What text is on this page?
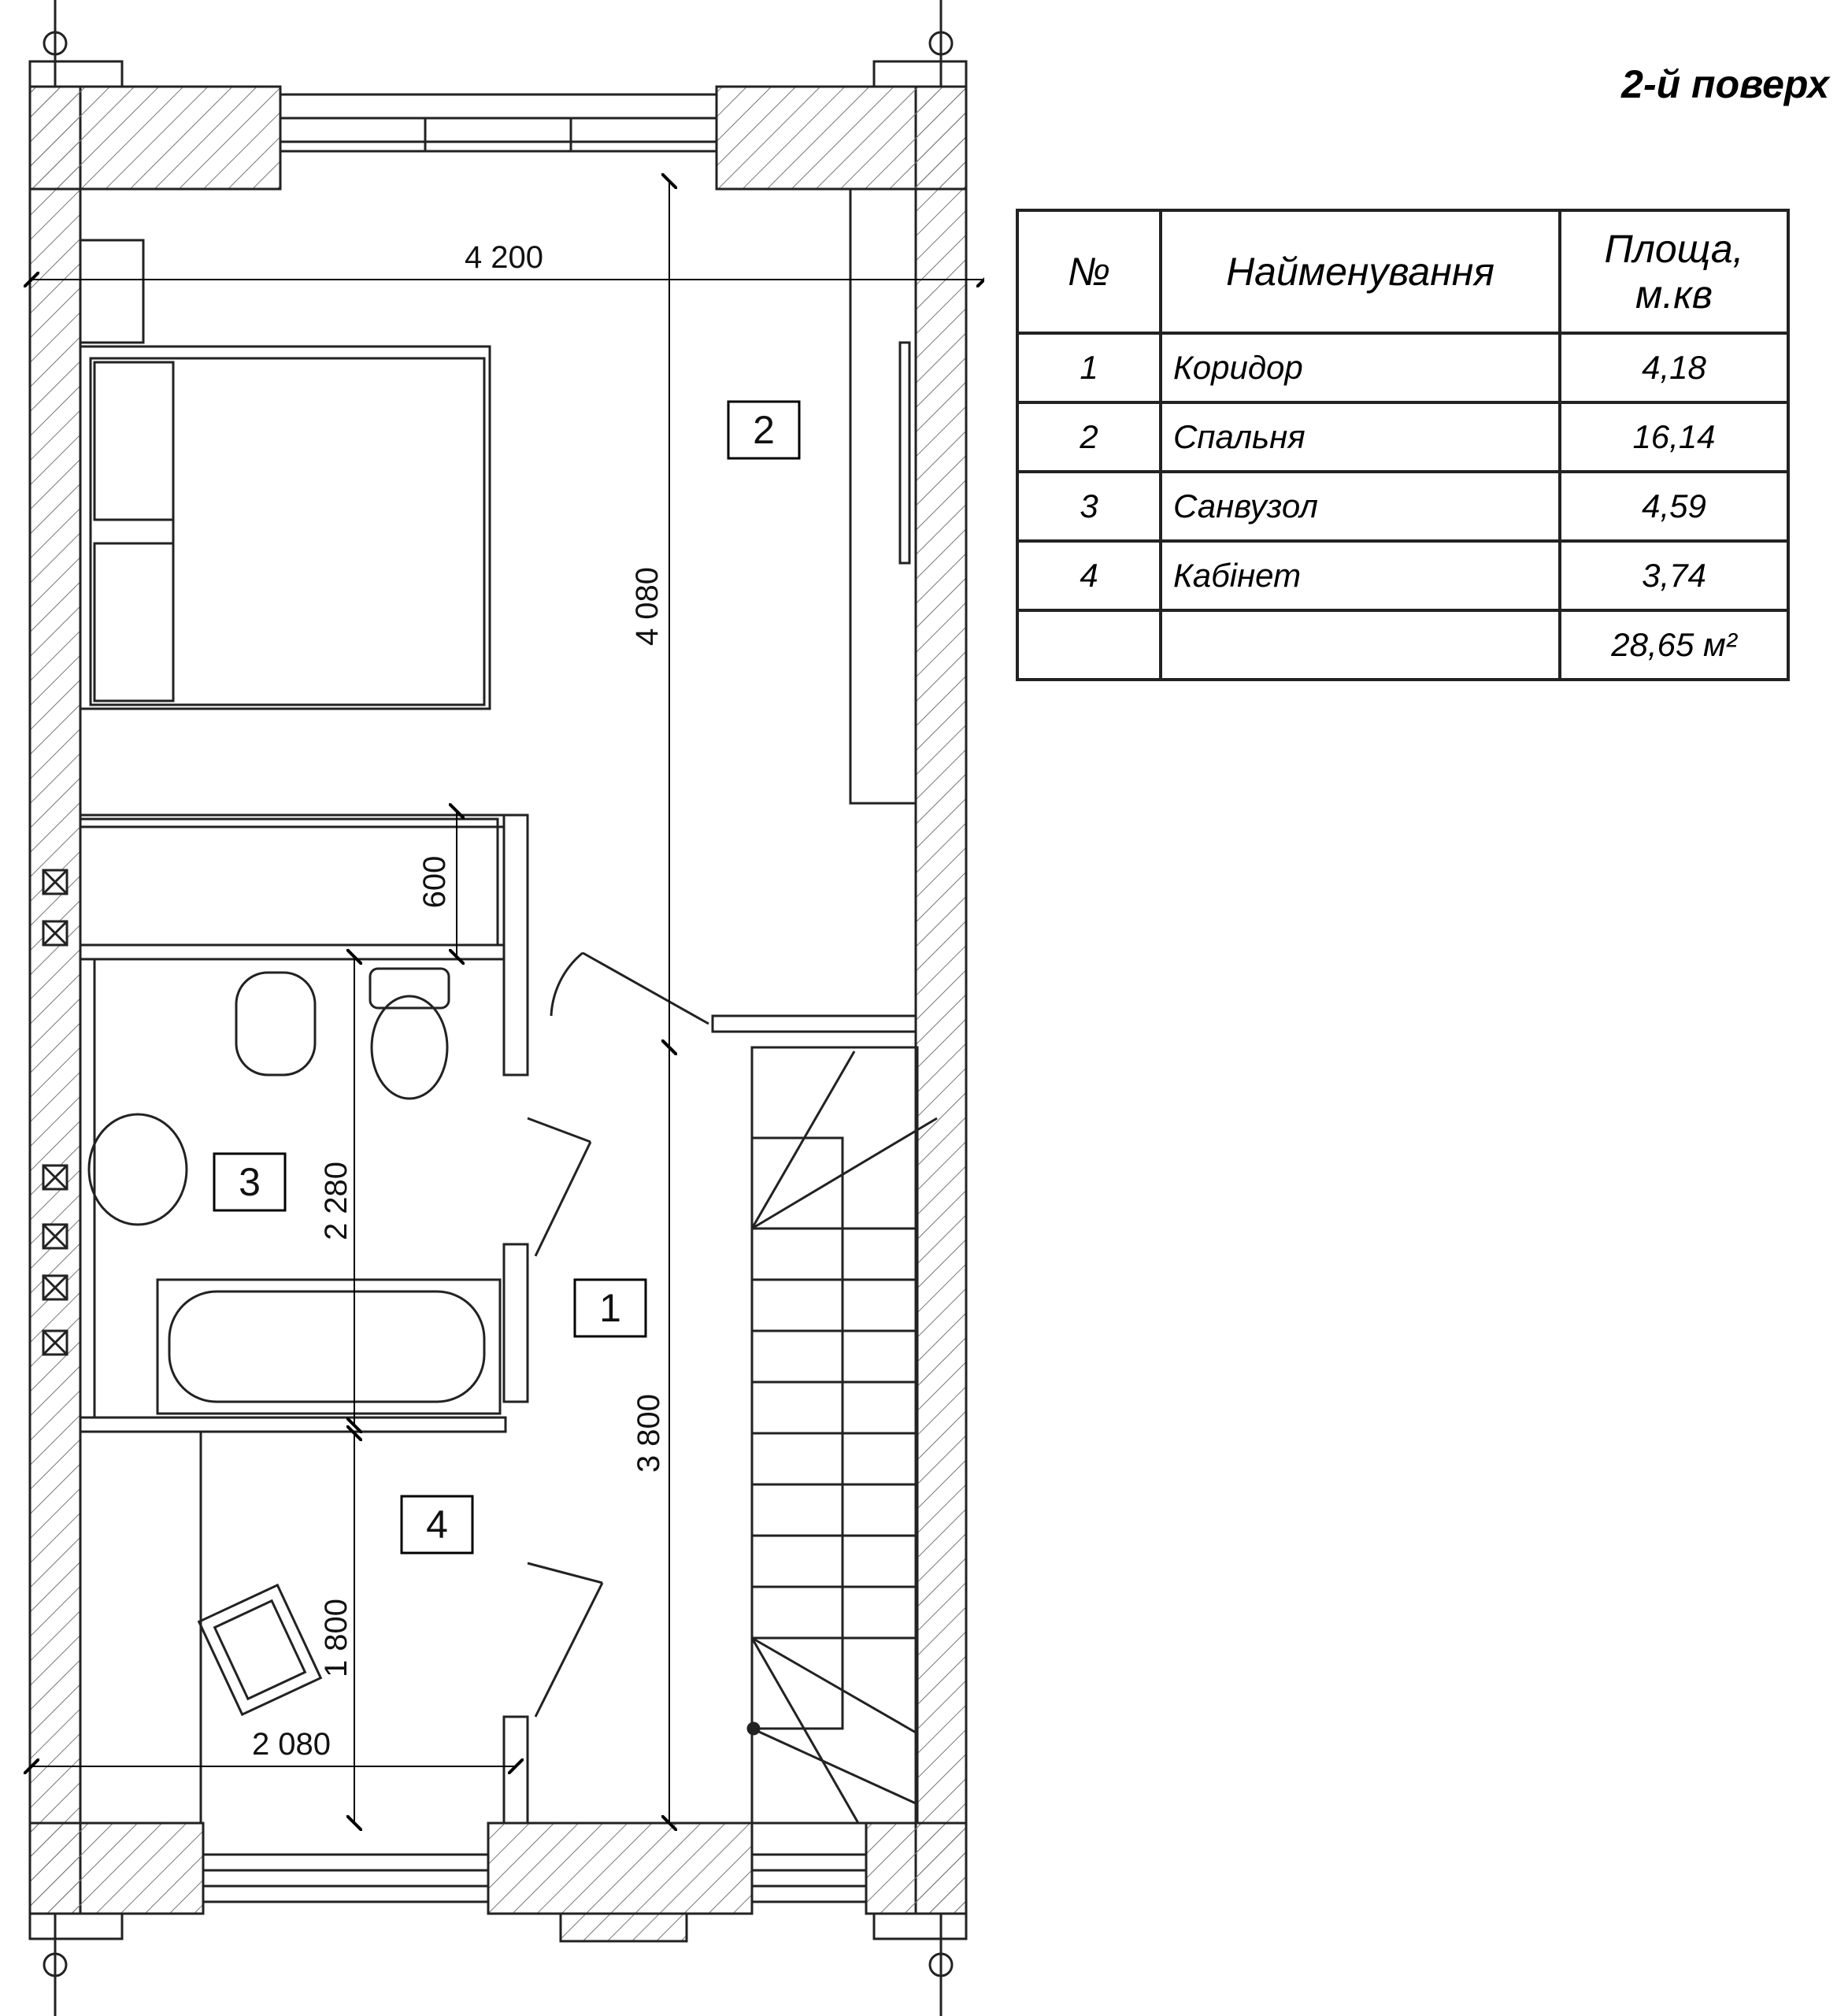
4 200
4 080
600
2 280
3 800
1 800
2 080
2
3
1
4
2-й поверх
№	Найменування	Площа,
м.кв
1	Коридор	4,18
2	Спальня	16,14
3	Санвузол	4,59
4	Кабінет	3,74
		28,65 м²
